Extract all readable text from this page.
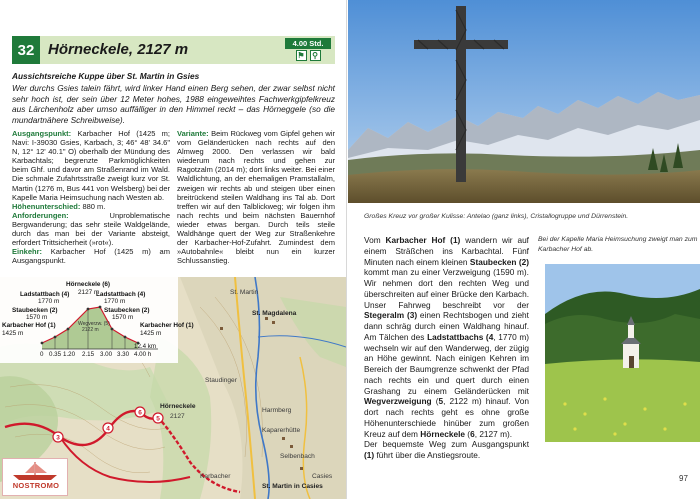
32 Hörneckele, 2127 m	4.00 Std.
⚑ ⚲
Aussichtsreiche Kuppe über St. Martin in Gsies
Wer durchs Gsies talein fährt, wird linker Hand einen Berg sehen, der zwar selbst nicht sehr hoch ist, der sein über 12 Meter hohes, 1988 eingeweihtes Fachwerkgipfelkreuz aus Lärchenholz aber umso auffälliger in den Himmel reckt – das Hörneggele (so die mundartnähere Schreibweise).
Ausgangspunkt: Karbacher Hof (1425 m; Navi: I-39030 Gsies, Karbach, 3; 46° 48' 34.6" N, 12° 12' 40.1" O) oberhalb der Mündung des Karbachtals; begrenzte Parkmöglichkeiten beim Ghf. und davor am Straßenrand im Wald. Die schmale Zufahrtsstraße zweigt kurz vor St. Martin (1276 m, Bus 441 von Welsberg) bei der Kapelle Maria Heimsuchung nach Westen ab.
Höhenunterschied: 880 m.
Anforderungen:	Unproblematische Bergwanderung; das sehr steile Waldgelände, durch das man bei der Variante absteigt, erfordert Trittsicherheit (»rot«).
Einkehr: Karbacher Hof (1425 m) am Ausgangspunkt.
Variante: Beim Rückweg vom Gipfel gehen wir vom Geländerücken nach rechts auf den Almweg 2000. Den verlassen wir bald wiederum nach rechts und gehen zur Ragotzalm (2014 m); dort links weiter. Bei einer Waldlichtung, an der ehemaligen Pramstallalm, zweigen wir rechts ab und steigen über einen breitrückend steilen Waldhang ins Tal ab. Dort treffen wir auf den Talblickweg; wir folgen ihm nach rechts und beim nächsten Bauernhof wieder etwas bergan. Durch teils steile Waldhänge quert der Weg zur Straßenkehre der Karbacher-Hof-Zufahrt. Zumindest dem »Autobahnle« bleibt nun ein kurzer Schlussanstieg.
3
6
5
4
St. Magdalena
St. Martin
Hörneckele
2127
Harmberg
Kaparerhütte
Selbenbach
Casies
St. Martin in Casies
Staudinger
Karbacher
Hörneckele (6)
2127 m
Ladstattbach (4)
1770 m
Ladstattbach (4)
1770 m
Staubecken (2)
1570 m
Staubecken (2)
1570 m
Karbacher Hof (1)
1425 m
Karbacher Hof (1)
1425 m
Wegverzw. (5)
2122 m
0 0.35 1.20 2.15 3.00 3.30 4.00 h
12.4 km
NOSTROMO
Großes Kreuz vor großer Kulisse: Antelao (ganz links), Cristallogruppe und Dürrenstein.

Vom Karbacher Hof (1) wandern wir auf einem Sträßchen ins Karbachtal. Fünf Minuten nach einem kleinen Staubecken (2) kommt man zu einer Verzweigung (1590 m). Wir nehmen dort den rechten Weg und überschreiten auf einer Brücke den Karbach. Unser Fahrweg beschreibt vor der Stegeralm (3) einen Rechtsbogen und zieht dann schräg durch einen Waldhang hinauf. Am Tälchen des Ladstattbachs (4, 1770 m) wechseln wir auf den Wanderweg, der zügig an Höhe gewinnt. Nach einigen Kehren im Bereich der Baumgrenze schwenkt der Pfad nach rechts ein und quert durch einen Grashang zu einem Geländerücken mit Wegverzweigung (5, 2122 m) hinauf. Von dort nach rechts geht es ohne große Höhenunterschiede hinüber zum großen Kreuz auf dem Hörneckele (6, 2127 m).

Der bequemste Weg zum Ausgangspunkt (1) führt über die Anstiegsroute.

Bei der Kapelle Maria Heimsuchung zweigt man zum Karbacher Hof ab.
97
